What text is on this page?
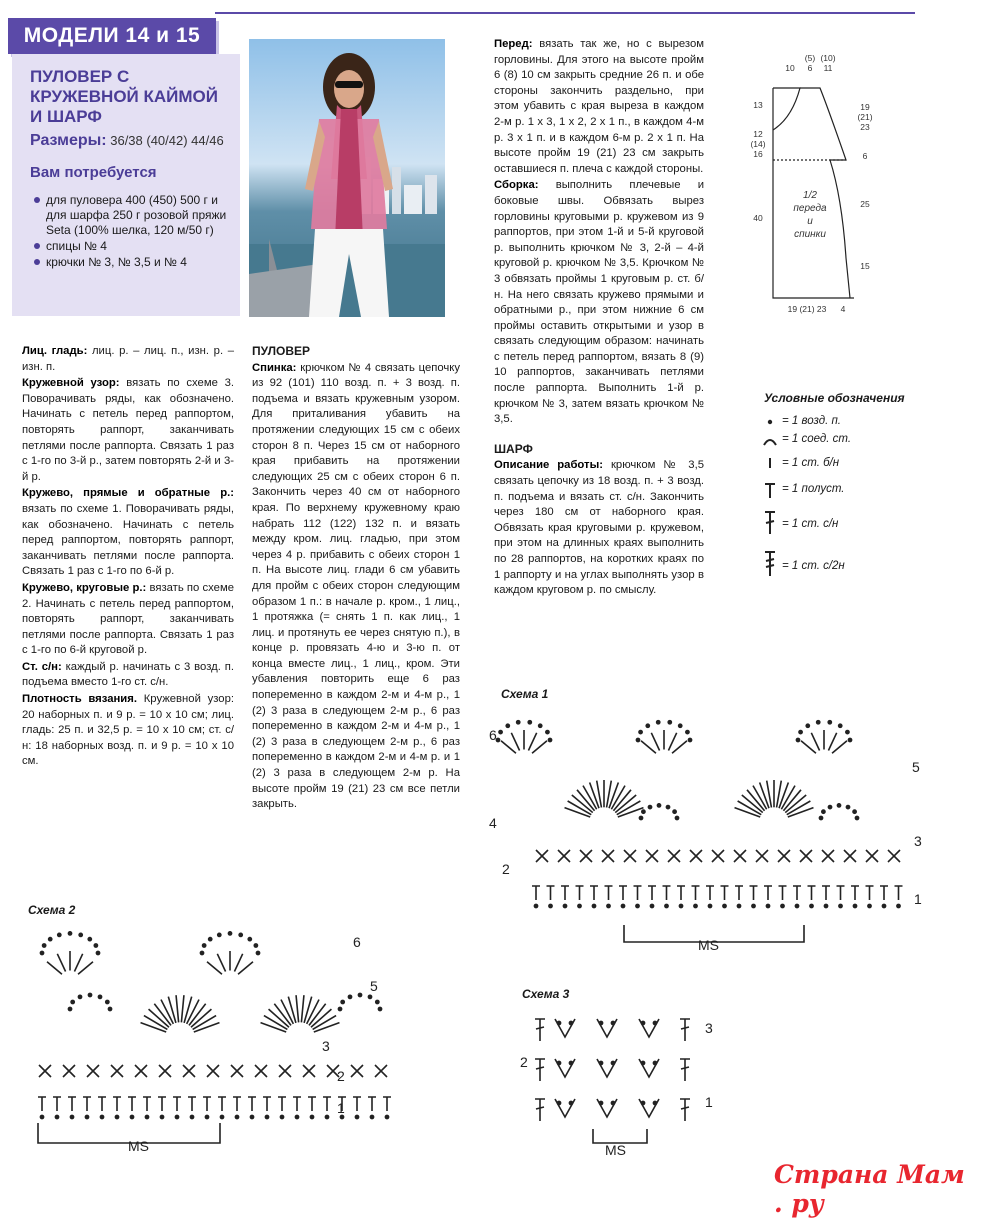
МОДЕЛИ 14 и 15
ПУЛОВЕР С КРУЖЕВНОЙ КАЙМОЙ И ШАРФ
Размеры: 36/38 (40/42) 44/46
Вам потребуется
для пуловера 400 (450) 500 г и для шарфа 250 г розовой пряжи Seta (100% шелка, 120 м/50 г)
спицы № 4
крючки № 3, № 3,5 и № 4

Лиц. гладь: лиц. р. – лиц. п., изн. р. – изн. п.

Кружевной узор: вязать по схеме 3. Поворачивать ряды, как обозначено. Начинать с петель перед раппортом, повторять раппорт, заканчивать петлями после раппорта. Связать 1 раз с 1-го по 3-й р., затем повторять 2-й и 3-й р.

Кружево, прямые и обратные р.: вязать по схеме 1. Поворачивать ряды, как обозначено. Начинать с петель перед раппортом, повторять раппорт, заканчивать петлями после раппорта. Связать 1 раз с 1-го по 6-й р.

Кружево, круговые р.: вязать по схеме 2. Начинать с петель перед раппортом, повторять раппорт, заканчивать петлями после раппорта. Связать 1 раз с 1-го по 6-й круговой р.

Ст. с/н: каждый р. начинать с 3 возд. п. подъема вместо 1-го ст. с/н.

Плотность вязания. Кружевной узор: 20 наборных п. и 9 р. = 10 х 10 см; лиц. гладь: 25 п. и 32,5 р. = 10 х 10 см; ст. с/н: 18 наборных возд. п. и 9 р. = 10 х 10 см.

ПУЛОВЕР

Спинка: крючком № 4 связать цепочку из 92 (101) 110 возд. п. + 3 возд. п. подъема и вязать кружевным узором. Для приталивания убавить на протяжении следующих 15 см с обеих сторон 8 п. Через 15 см от наборного края прибавить на протяжении следующих 25 см с обеих сторон 6 п. Закончить через 40 см от наборного края. По верхнему кружевному краю набрать 112 (122) 132 п. и вязать между кром. лиц. гладью, при этом через 4 р. прибавить с обеих сторон 1 п. На высоте лиц. глади 6 см убавить для пройм с обеих сторон следующим образом 1 п.: в начале р. кром., 1 лиц., 1 протяжка (= снять 1 п. как лиц., 1 лиц. и протянуть ее через снятую п.), в конце р. провязать 4-ю и 3-ю п. от конца вместе лиц., 1 лиц., кром. Эти убавления повторить еще 6 раз попеременно в каждом 2-м и 4-м р., 1 (2) 3 раза в следующем 2-м р., 6 раз попеременно в каждом 2-м и 4-м р., 1 (2) 3 раза в следующем 2-м р., 6 раз попеременно в каждом 2-м и 4-м р. и 1 (2) 3 раза в следующем 2-м р. На высоте пройм 19 (21) 23 см все петли закрыть.

Перед: вязать так же, но с вырезом горловины. Для этого на высоте пройм 6 (8) 10 см закрыть средние 26 п. и обе стороны закончить раздельно, при этом убавить с края выреза в каждом 2-м р. 1 х 3, 1 х 2, 2 х 1 п., в каждом 4-м р. 3 х 1 п. и в каждом 6-м р. 2 х 1 п. На высоте пройм 19 (21) 23 см закрыть оставшиеся п. плеча с каждой стороны.

Сборка: выполнить плечевые и боковые швы. Обвязать вырез горловины круговыми р. кружевом из 9 раппортов, при этом 1-й и 5-й круговой р. выполнить крючком № 3, 2-й – 4-й круговой р. крючком № 3,5. Крючком № 3 обвязать проймы 1 круговым р. ст. б/н. На него связать кружево прямыми и обратными р., при этом нижние 6 см проймы оставить открытыми и узор в связать следующим образом: начинать с петель перед раппортом, вязать 8 (9) 10 раппортов, заканчивать петлями после раппорта. Выполнить 1-й р. крючком № 3, затем вязать крючком № 3,5.

ШАРФ

Описание работы: крючком № 3,5 связать цепочку из 18 возд. п. + 3 возд. п. подъема и вязать ст. с/н. Закончить через 180 см от наборного края. Обвязать края круговыми р. кружевом, при этом на длинных краях выполнить по 28 раппортов, на коротких краях по 1 раппорту и на углах выполнять узор в каждом круговом р. по смыслу.

10
(5)
6
(10)
11
13
12
(14)
16
40
19
(21)
23
6
25
15
19 (21) 23 4
1/2
переда
и
спинки
Условные обозначения
= 1 возд. п.
= 1 соед. ст.
= 1 ст. б/н
= 1 полуст.
= 1 ст. с/н
= 1 ст. с/2н
Схема 1
Схема 2
Схема 3
6
5
4
3
2
1
MS
6
5
3
2
1
MS
3
2
1
MS
Страна Мам . ру
